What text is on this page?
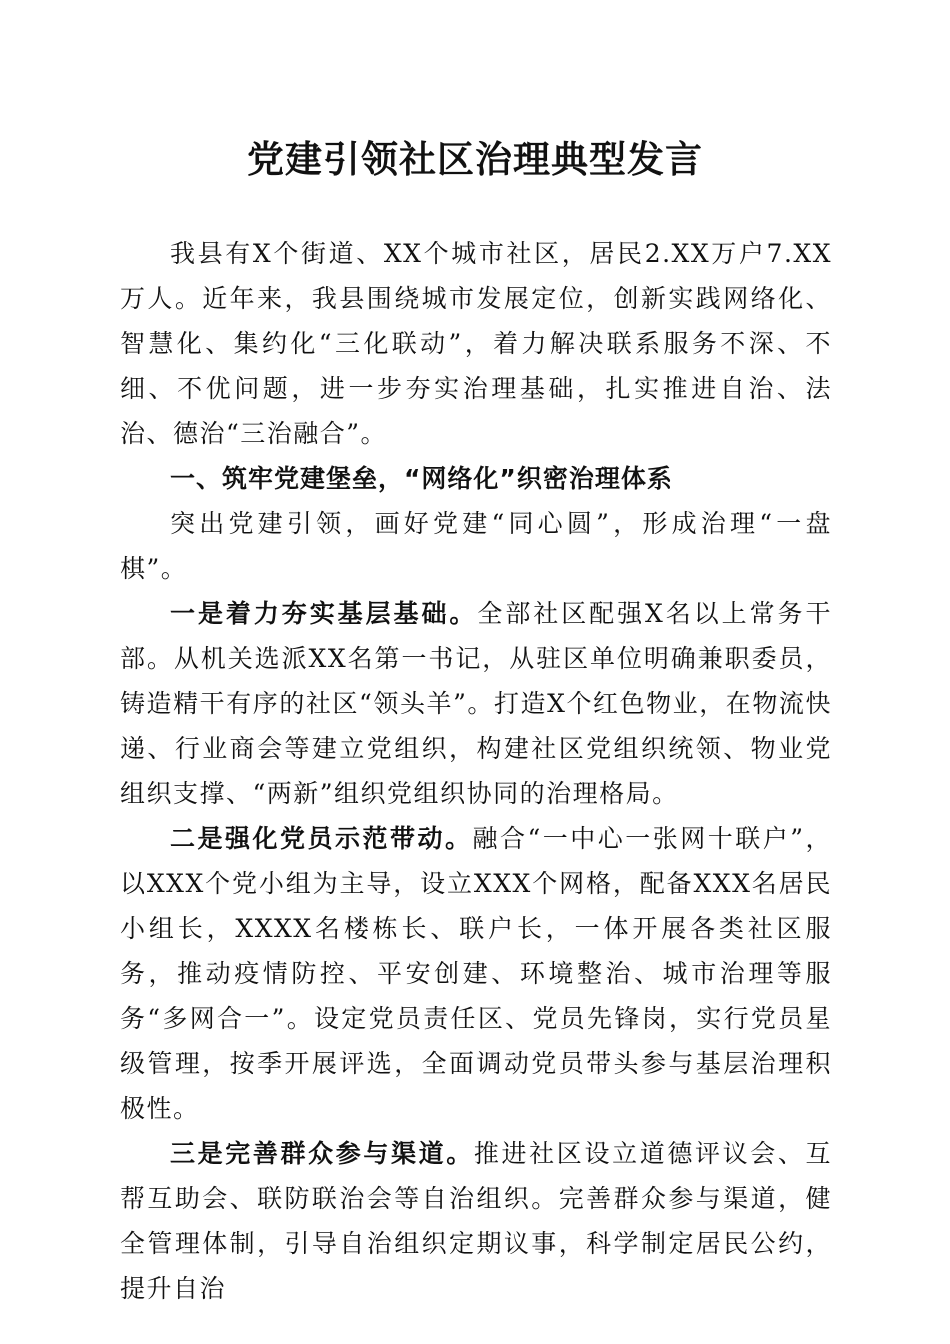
党建引领社区治理典型发言

我县有X个街道、XX个城市社区，居民2.XX万户7.XX万人。近年来，我县围绕城市发展定位，创新实践网络化、智慧化、集约化“三化联动”，着力解决联系服务不深、不细、不优问题，进一步夯实治理基础，扎实推进自治、法治、德治“三治融合”。

一、筑牢党建堡垒，“网络化”织密治理体系

突出党建引领，画好党建“同心圆”，形成治理“一盘棋”。

一是着力夯实基层基础。全部社区配强X名以上常务干部。从机关选派XX名第一书记，从驻区单位明确兼职委员，铸造精干有序的社区“领头羊”。打造X个红色物业，在物流快递、行业商会等建立党组织，构建社区党组织统领、物业党组织支撑、“两新”组织党组织协同的治理格局。

二是强化党员示范带动。融合“一中心一张网十联户”，以XXX个党小组为主导，设立XXX个网格，配备XXX名居民小组长，XXXX名楼栋长、联户长，一体开展各类社区服务，推动疫情防控、平安创建、环境整治、城市治理等服务“多网合一”。设定党员责任区、党员先锋岗，实行党员星级管理，按季开展评选，全面调动党员带头参与基层治理积极性。

三是完善群众参与渠道。推进社区设立道德评议会、互帮互助会、联防联治会等自治组织。完善群众参与渠道，健全管理体制，引导自治组织定期议事，科学制定居民公约，提升自治
